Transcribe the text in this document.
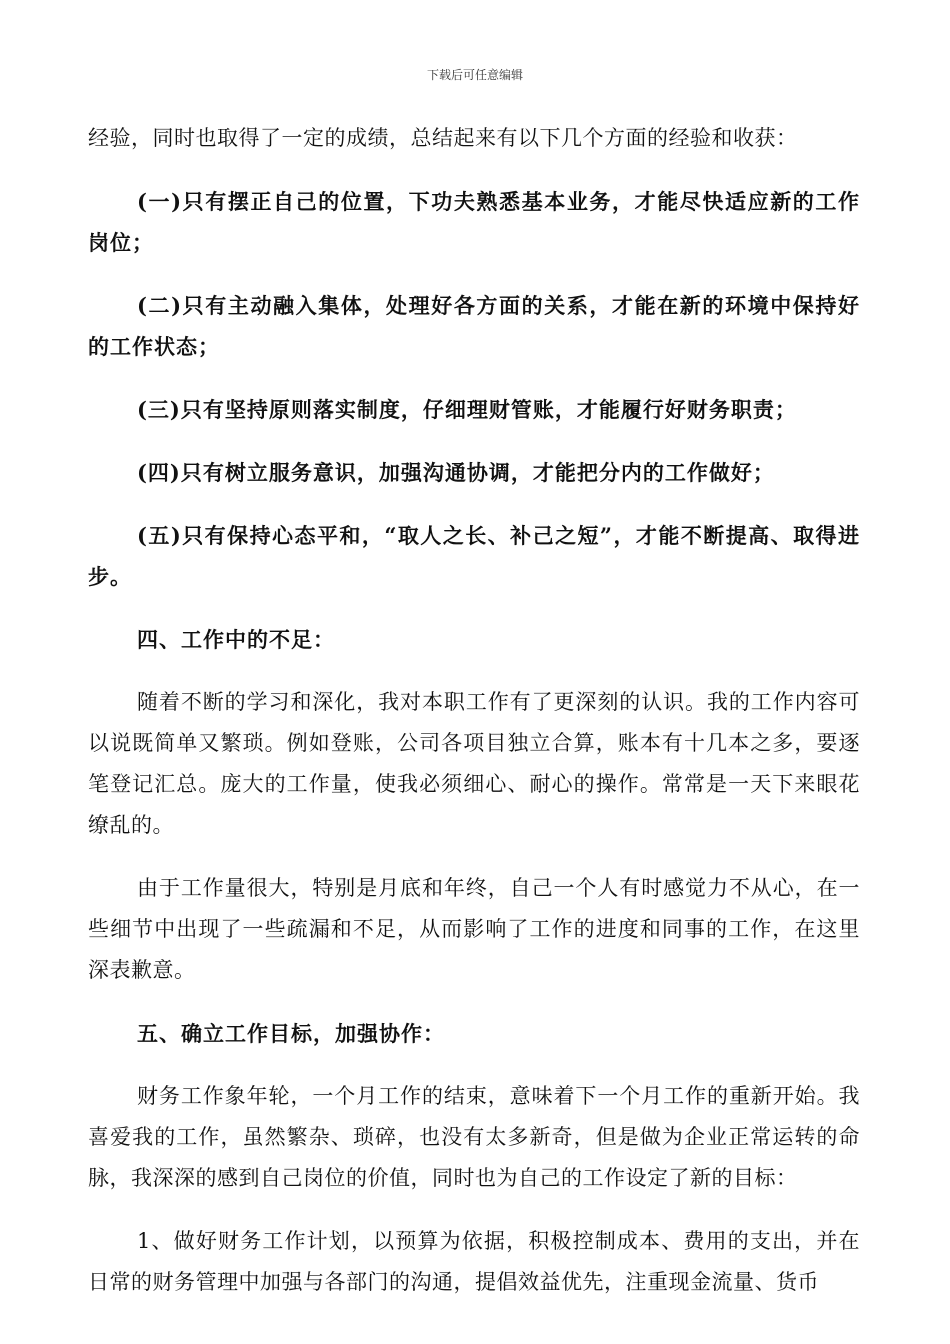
下载后可任意编辑

经验，同时也取得了一定的成绩，总结起来有以下几个方面的经验和收获：

(一)只有摆正自己的位置，下功夫熟悉基本业务，才能尽快适应新的工作岗位；

(二)只有主动融入集体，处理好各方面的关系，才能在新的环境中保持好的工作状态；

(三)只有坚持原则落实制度，仔细理财管账，才能履行好财务职责；

(四)只有树立服务意识，加强沟通协调，才能把分内的工作做好；

(五)只有保持心态平和，“取人之长、补己之短”，才能不断提高、取得进步。

四、工作中的不足：

随着不断的学习和深化，我对本职工作有了更深刻的认识。我的工作内容可以说既简单又繁琐。例如登账，公司各项目独立合算，账本有十几本之多，要逐笔登记汇总。庞大的工作量，使我必须细心、耐心的操作。常常是一天下来眼花缭乱的。

由于工作量很大，特别是月底和年终，自己一个人有时感觉力不从心，在一些细节中出现了一些疏漏和不足，从而影响了工作的进度和同事的工作，在这里深表歉意。

五、确立工作目标，加强协作：

财务工作象年轮，一个月工作的结束，意味着下一个月工作的重新开始。我喜爱我的工作，虽然繁杂、琐碎，也没有太多新奇，但是做为企业正常运转的命脉，我深深的感到自己岗位的价值，同时也为自己的工作设定了新的目标：

1、做好财务工作计划，以预算为依据，积极控制成本、费用的支出，并在日常的财务管理中加强与各部门的沟通，提倡效益优先，注重现金流量、货币
